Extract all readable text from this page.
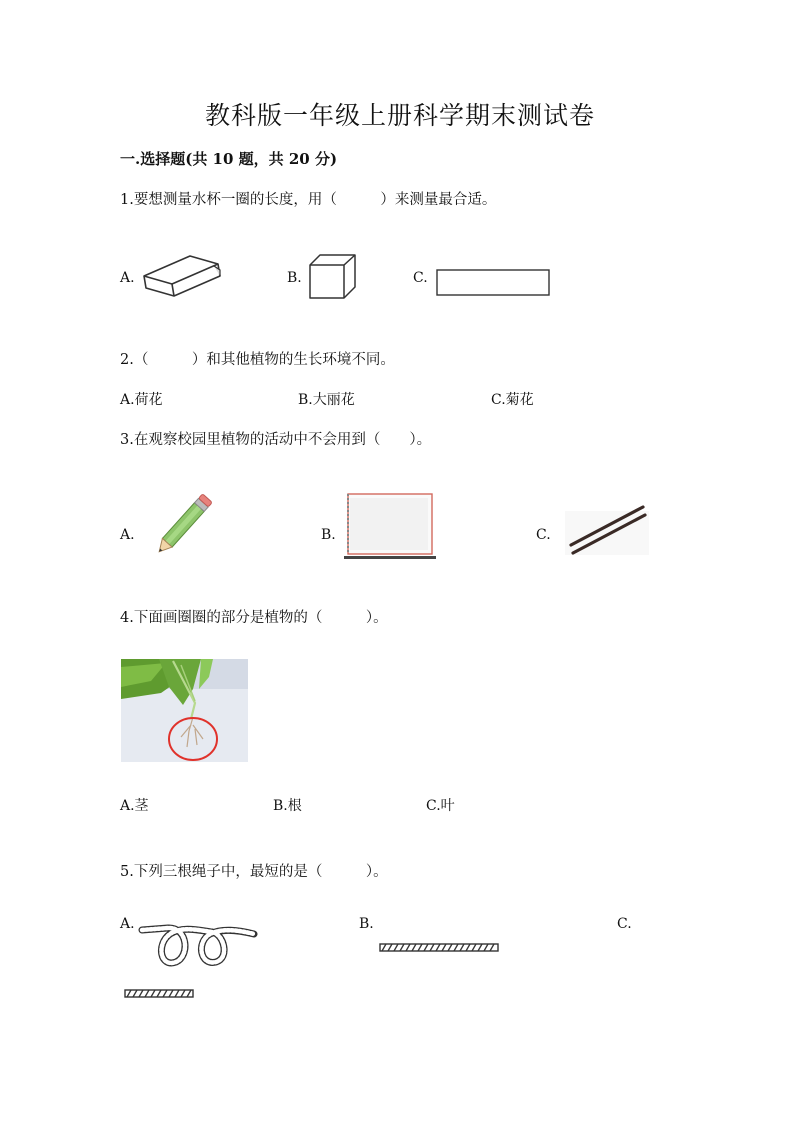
教科版一年级上册科学期末测试卷
一.选择题(共 10 题，共 20 分)
1.要想测量水杯一圈的长度，用（　　　）来测量最合适。
A.	B.	C.
2.（　　　）和其他植物的生长环境不同。
A.荷花	B.大丽花	C.菊花
3.在观察校园里植物的活动中不会用到（　　）。
A.	B.	C.
4.下面画圈圈的部分是植物的（　　　）。
A.茎	B.根	C.叶
5.下列三根绳子中，最短的是（　　　）。
A.	B.	C.
